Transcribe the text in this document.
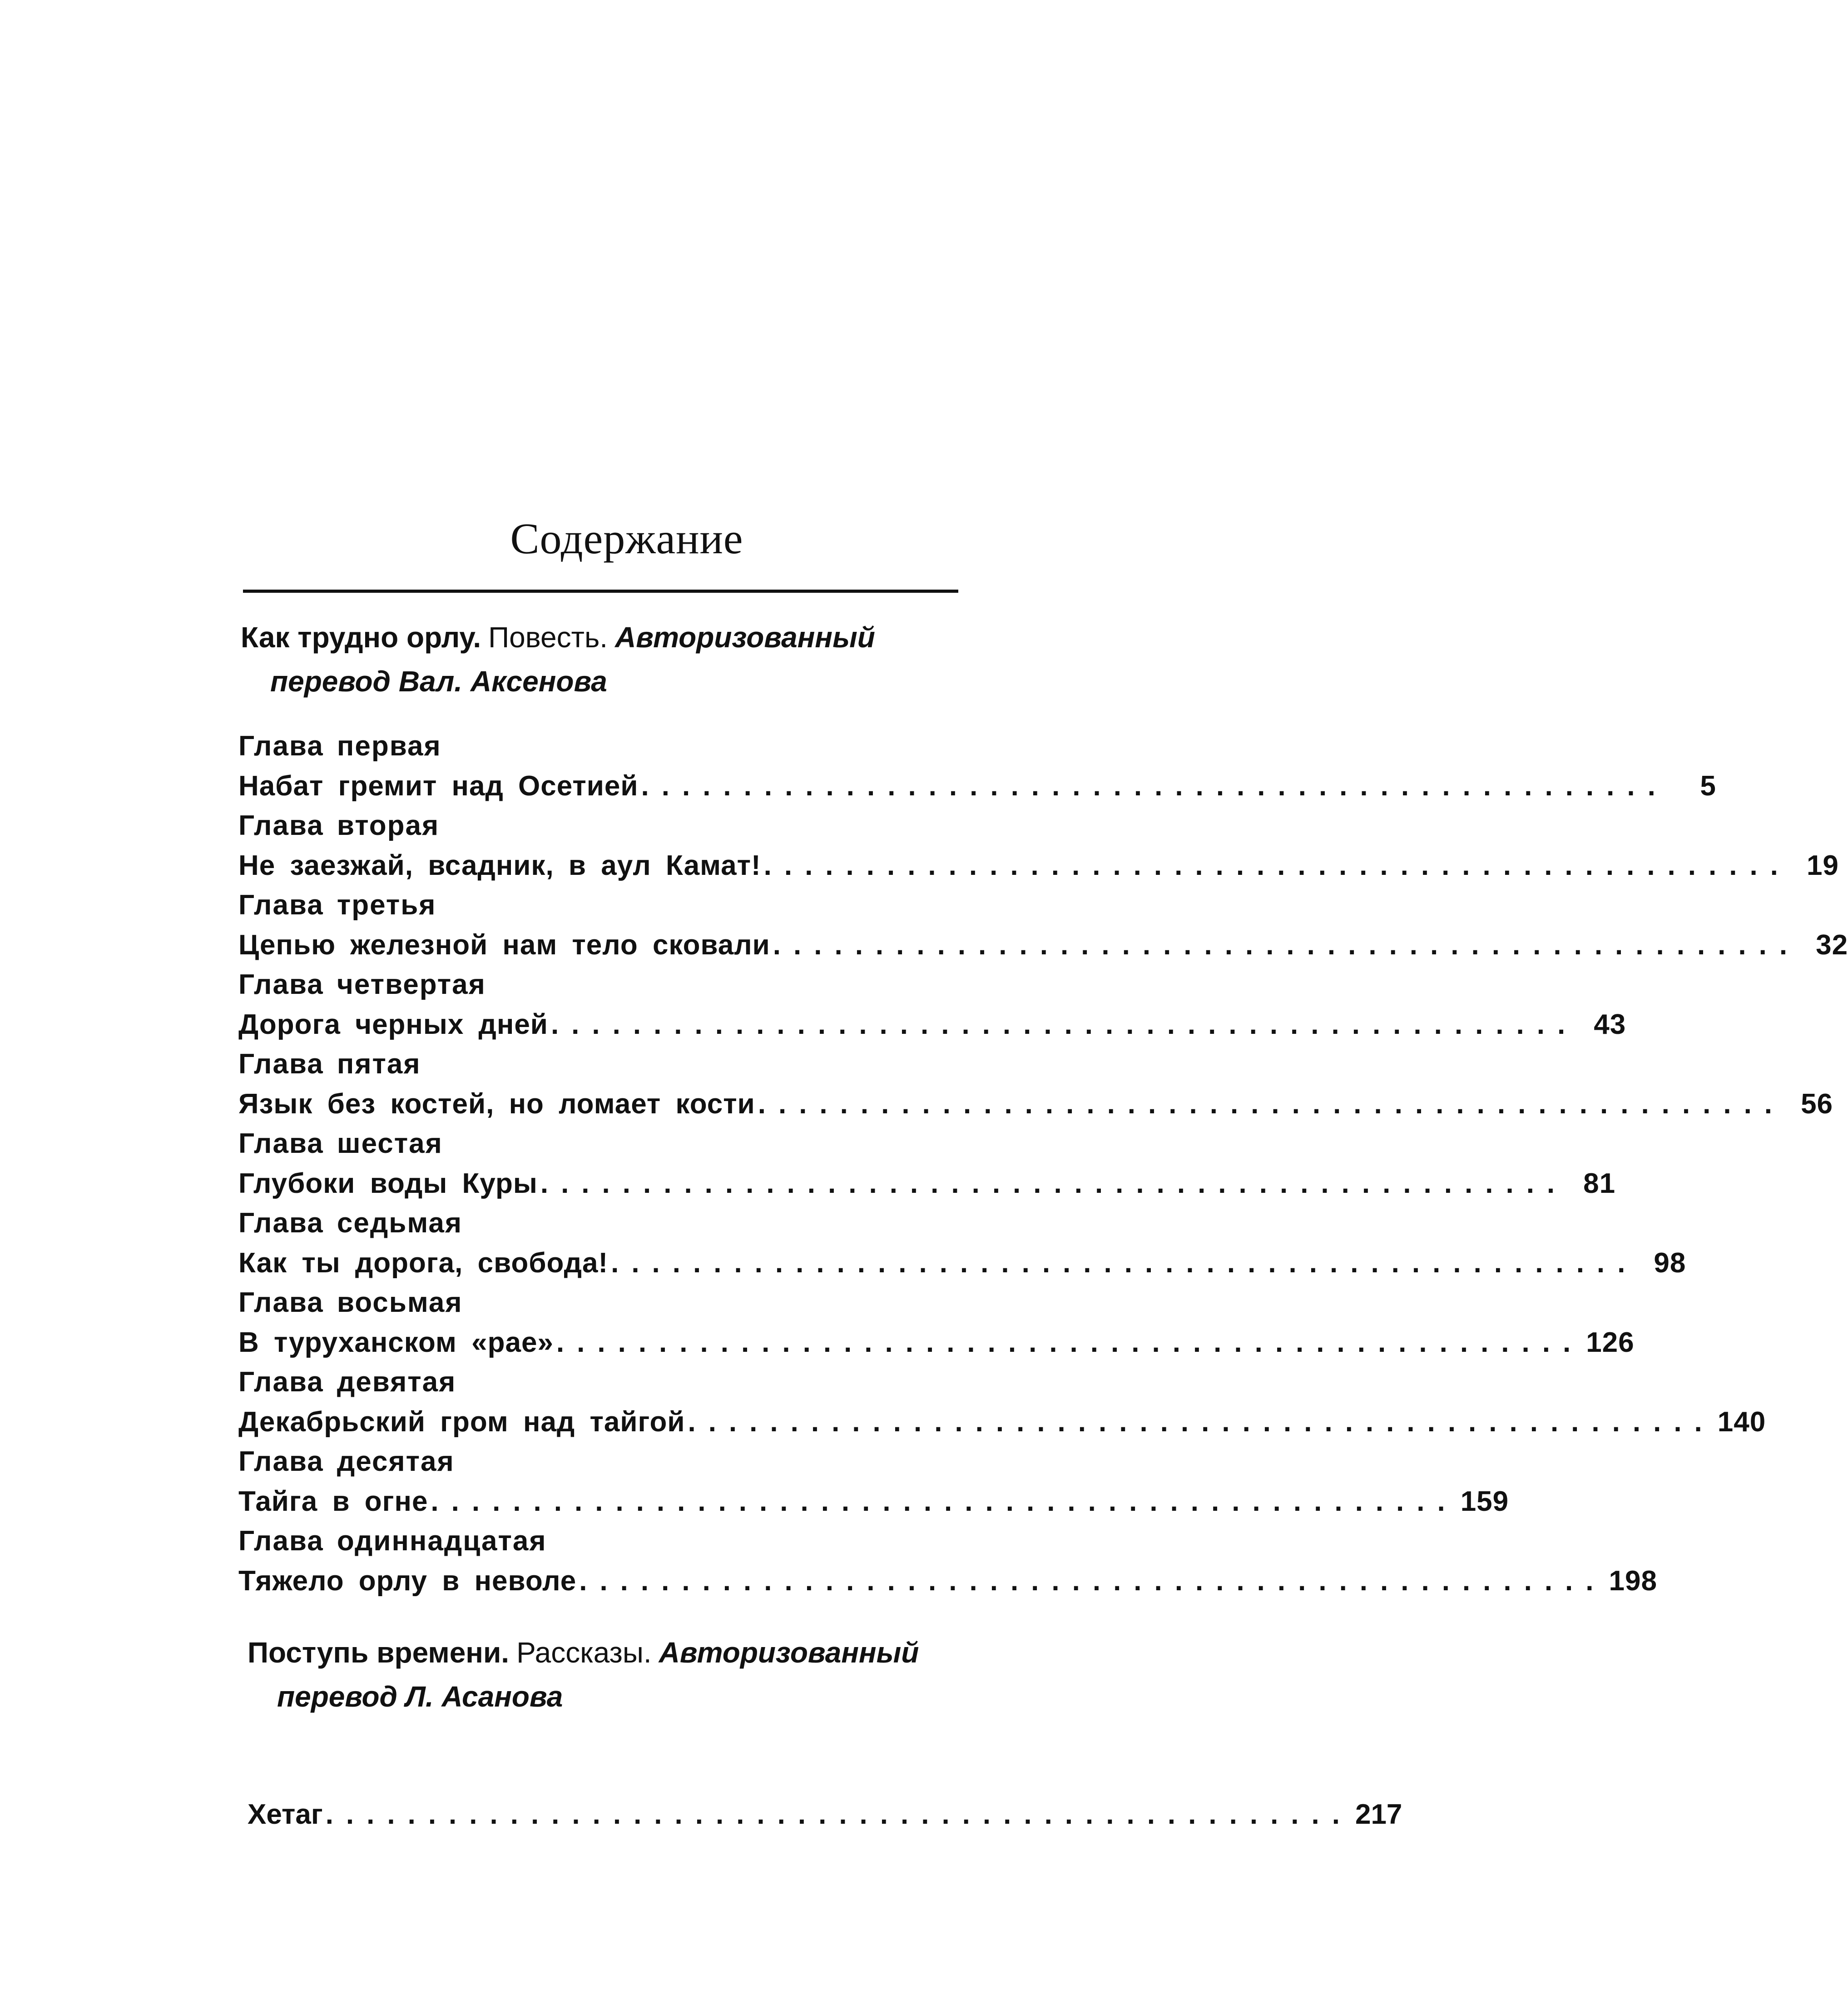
Содержание
Как трудно орлу. Повесть. Авторизованный
перевод Вал. Аксенова
Глава первая
Набат гремит над Осетией ..................................................	5
Глава вторая
Не заезжай, всадник, в аул Камат! .................................................. 19
Глава третья
Цепью железной нам тело сковали .................................................. 32
Глава четвертая
Дорога черных дней .................................................. 43
Глава пятая
Язык без костей, но ломает кости .................................................. 56
Глава шестая
Глубоки воды Куры .................................................. 81
Глава седьмая
Как ты дорога, свобода! .................................................. 98
Глава восьмая
В туруханском «рае» .................................................. 126
Глава девятая
Декабрьский гром над тайгой .................................................. 140
Глава десятая
Тайга в огне .................................................. 159
Глава одиннадцатая
Тяжело орлу в неволе .................................................. 198
Поступь времени. Рассказы. Авторизованный
перевод Л. Асанова
Хетаг .................................................. 217
